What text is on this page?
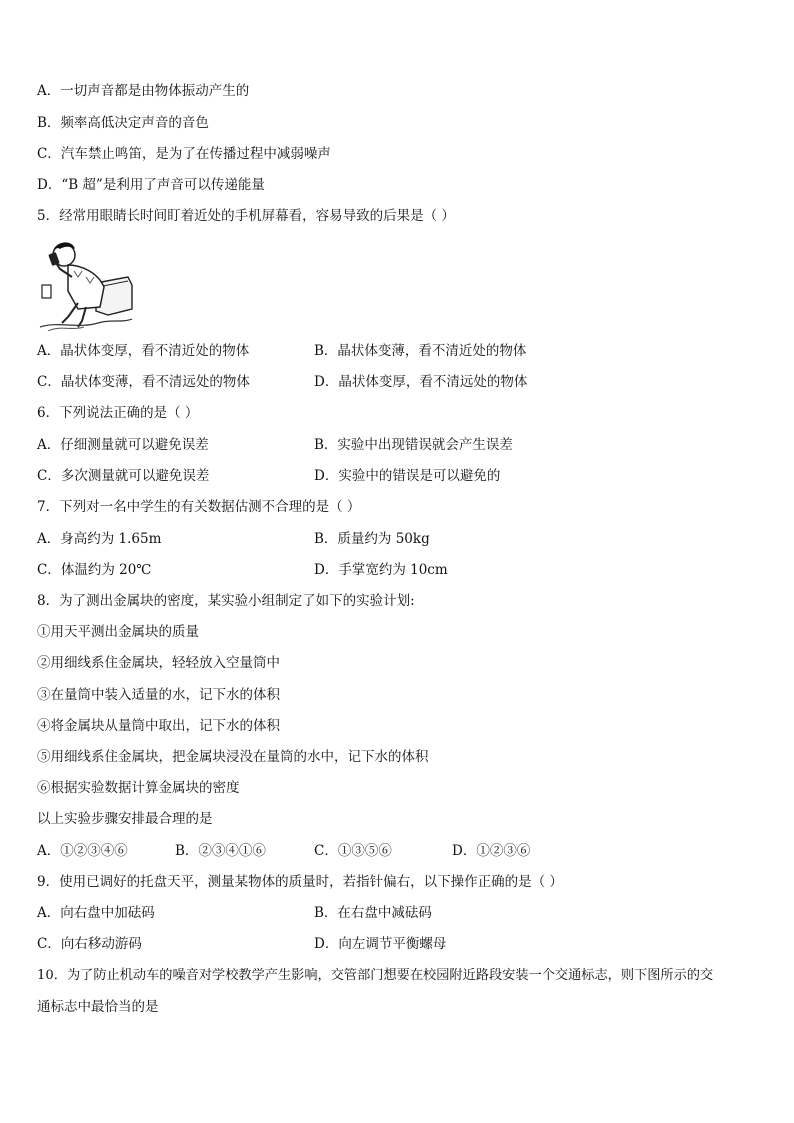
A．一切声音都是由物体振动产生的
B．频率高低决定声音的音色
C．汽车禁止鸣笛，是为了在传播过程中减弱噪声
D．“B 超”是利用了声音可以传递能量
5．经常用眼睛长时间盯着近处的手机屏幕看，容易导致的后果是（ ）
A．晶状体变厚，看不清近处的物体	B．晶状体变薄，看不清近处的物体
C．晶状体变薄，看不清远处的物体	D．晶状体变厚，看不清远处的物体
6．下列说法正确的是（ ）
A．仔细测量就可以避免误差	B．实验中出现错误就会产生误差
C．多次测量就可以避免误差	D．实验中的错误是可以避免的
7．下列对一名中学生的有关数据估测不合理的是（ ）
A．身高约为 1.65m	B．质量约为 50kg
C．体温约为 20℃	D．手掌宽约为 10cm
8．为了测出金属块的密度，某实验小组制定了如下的实验计划:
①用天平测出金属块的质量
②用细线系住金属块，轻轻放入空量筒中
③在量筒中装入适量的水，记下水的体积
④将金属块从量筒中取出，记下水的体积
⑤用细线系住金属块，把金属块浸没在量筒的水中，记下水的体积
⑥根据实验数据计算金属块的密度
以上实验步骤安排最合理的是
A．①②③④⑥	B．②③④①⑥	C．①③⑤⑥	D．①②③⑥
9．使用已调好的托盘天平，测量某物体的质量时，若指针偏右，以下操作正确的是（ ）
A．向右盘中加砝码	B．在右盘中减砝码
C．向右移动游码	D．向左调节平衡螺母
10．为了防止机动车的噪音对学校教学产生影响，交管部门想要在校园附近路段安装一个交通标志，则下图所示的交
通标志中最恰当的是
